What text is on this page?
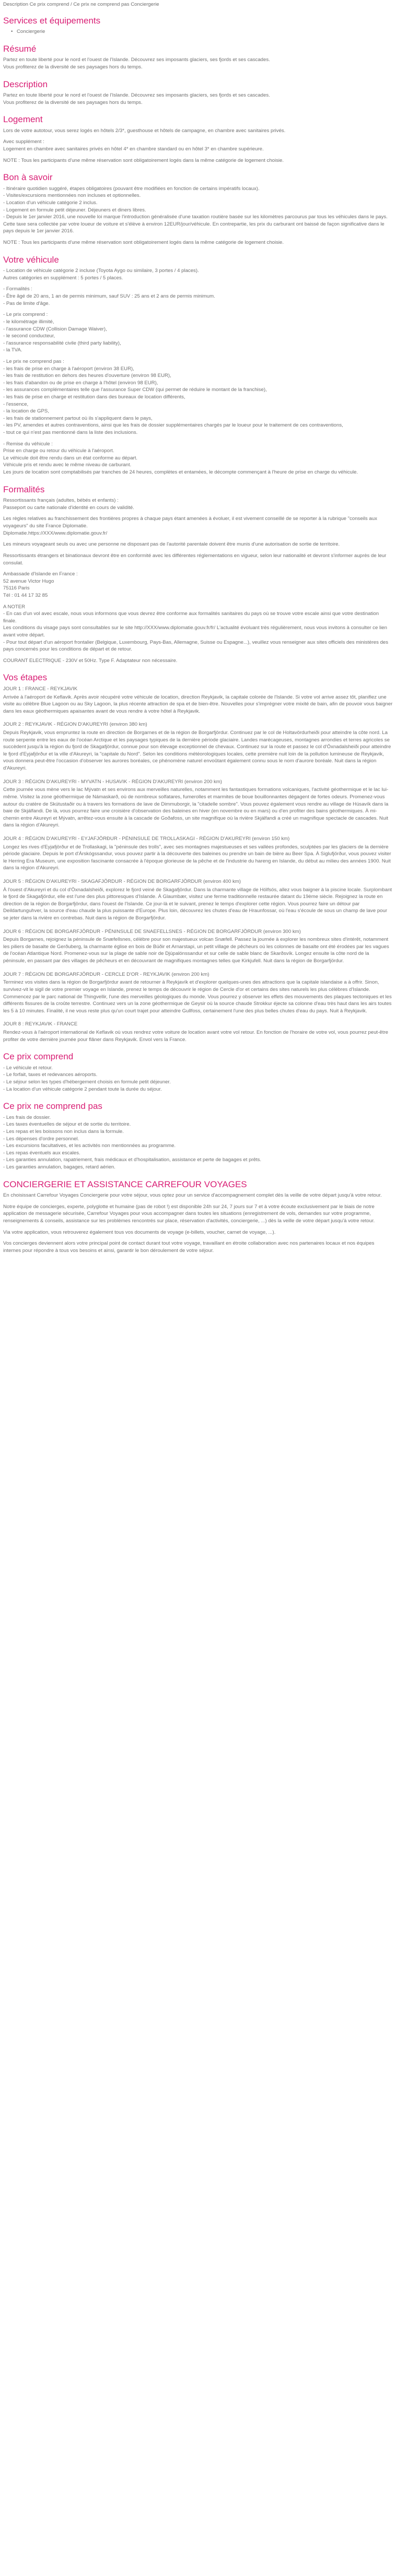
Description Ce prix comprend / Ce prix ne comprend pas Conciergerie
Services et équipements
• Conciergerie
Résumé

Partez en toute liberté pour le nord et l'ouest de l'Islande. Découvrez ses imposants glaciers, ses fjords et ses cascades.
Vous profiterez de la diversité de ses paysages hors du temps.

Description

Partez en toute liberté pour le nord et l'ouest de l'Islande. Découvrez ses imposants glaciers, ses fjords et ses cascades.
Vous profiterez de la diversité de ses paysages hors du temps.

Logement

Lors de votre autotour, vous serez logés en hôtels 2/3*, guesthouse et hôtels de campagne, en chambre avec sanitaires privés.

Avec supplément :
Logement en chambre avec sanitaires privés en hôtel 4* en chambre standard ou en hôtel 3* en chambre supérieure.

NOTE : Tous les participants d'une même réservation sont obligatoirement logés dans la même catégorie de logement choisie.

Bon à savoir

- Itinéraire quotidien suggéré, étapes obligatoires (pouvant être modifiées en fonction de certains impératifs locaux).
- Visites/excursions mentionnées non incluses et optionnelles.
- Location d'un véhicule catégorie 2 inclus.
- Logement en formule petit déjeuner. Déjeuners et diners libres.
- Depuis le 1er janvier 2016, une nouvelle loi marque l'introduction généralisée d'une taxation routière basée sur les kilomètres parcourus par tous les véhicules dans le pays. Cette taxe sera collectée par votre loueur de voiture et s'élève à environ 12EUR/jour/véhicule. En contrepartie, les prix du carburant ont baissé de façon significative dans le pays depuis le 1er janvier 2016.

NOTE : Tous les participants d'une même réservation sont obligatoirement logés dans la même catégorie de logement choisie.

Votre véhicule

- Location de véhicule catégorie 2 incluse (Toyota Aygo ou similaire, 3 portes / 4 places).
Autres catégories en supplément : 5 portes / 5 places.

- Formalités :
- Être âgé de 20 ans, 1 an de permis minimum, sauf SUV : 25 ans et 2 ans de permis minimum.
- Pas de limite d'âge.

- Le prix comprend :
- le kilométrage illimité,
- l'assurance CDW (Collision Damage Waiver),
- le second conducteur,
- l'assurance responsabilité civile (third party liability),
- la TVA.

- Le prix ne comprend pas :
- les frais de prise en charge à l'aéroport (environ 38 EUR),
- les frais de restitution en dehors des heures d'ouverture (environ 98 EUR),
- les frais d'abandon ou de prise en charge à l'hôtel (environ 98 EUR),
- les assurances complémentaires telle que l'assurance Super CDW (qui permet de réduire le montant de la franchise),
- les frais de prise en charge et restitution dans des bureaux de location différents,
- l'essence,
- la location de GPS,
- les frais de stationnement partout où ils s'appliquent dans le pays,
- les PV, amendes et autres contraventions, ainsi que les frais de dossier supplémentaires chargés par le loueur pour le traitement de ces contraventions,
- tout ce qui n'est pas mentionné dans la liste des inclusions.

- Remise du véhicule :
Prise en charge ou retour du véhicule à l'aéroport.
Le véhicule doit être rendu dans un état conforme au départ.
Véhicule pris et rendu avec le même niveau de carburant.
Les jours de location sont comptabilisés par tranches de 24 heures, complètes et entamées, le décompte commençant à l'heure de prise en charge du véhicule.

Formalités

Ressortissants français (adultes, bébés et enfants) :
Passeport ou carte nationale d'identité en cours de validité.

Les règles relatives au franchissement des frontières propres à chaque pays étant amenées à évoluer, il est vivement conseillé de se reporter à la rubrique "conseils aux voyageurs" du site France Diplomatie.
Diplomatie.https://XXX/www.diplomatie.gouv.fr/

Les mineurs voyageant seuls ou avec une personne ne disposant pas de l'autorité parentale doivent être munis d'une autorisation de sortie de territoire.

Ressortissants étrangers et binationaux devront être en conformité avec les différentes réglementations en vigueur, selon leur nationalité et devront s'informer auprès de leur consulat.

Ambassade d'Islande en France :
52 avenue Victor Hugo
75116 Paris
Tél : 01 44 17 32 85

A NOTER
- En cas d'un vol avec escale, nous vous informons que vous devrez être conforme aux formalités sanitaires du pays où se trouve votre escale ainsi que votre destination finale.
Les conditions du visage pays sont consultables sur le site http://XXX/www.diplomatie.gouv.fr/fr/ L'actualité évoluant très régulièrement, nous vous invitons à consulter ce lien avant votre départ.
- Pour tout départ d'un aéroport frontalier (Belgique, Luxembourg, Pays-Bas, Allemagne, Suisse ou Espagne...), veuillez vous renseigner aux sites officiels des ministères des pays concernés pour les conditions de départ et de retour.

COURANT ELECTRIQUE - 230V et 50Hz. Type F. Adaptateur non nécessaire.

Vos étapes

JOUR 1 : FRANCE - REYKJAVIK

Arrivée à l'aéroport de Keflavik. Après avoir récupéré votre véhicule de location, direction Reykjavik, la capitale colorée de l'Islande. Si votre vol arrive assez tôt, planifiez une visite au célèbre Blue Lagoon ou au Sky Lagoon, la plus récente attraction de spa et de bien-être. Nouvelles pour s'imprégner votre mixité de bain, afin de pouvoir vous baigner dans les eaux géothermiques apaisantes avant de vous rendre à votre hôtel à Reykjavik.

JOUR 2 : REYKJAVIK - RÉGION D'AKUREYRI (environ 380 km)

Depuis Reykjavik, vous empruntez la route en direction de Borgarnes et de la région de Borgarfjördur. Continuez par le col de Holtavördurheiði pour atteindre la côte nord. La route serpente entre les eaux de l'océan Arctique et les paysages typiques de la dernière période glaciaire. Landes marécageuses, montagnes arrondies et terres agricoles se succèdent jusqu'à la région du fjord de Skagafjördur, connue pour son élevage exceptionnel de chevaux. Continuez sur la route et passez le col d'Öxnadalsheiði pour atteindre le fjord d'Eyjafjörður et la ville d'Akureyri, la "capitale du Nord". Selon les conditions météorologiques locales, cette première nuit loin de la pollution lumineuse de Reykjavik, vous donnera peut-être l'occasion d'observer les aurores boréales, ce phénomène naturel envoûtant également connu sous le nom d'aurore boréale. Nuit dans la région d'Akureyri.

JOUR 3 : RÉGION D'AKUREYRI - MYVATN - HUSAVIK - RÉGION D'AKUREYRI (environ 200 km)

Cette journée vous mène vers le lac Mývatn et ses environs aux merveilles naturelles, notamment les fantastiques formations volcaniques, l'activité géothermique et le lac lui-même. Visitez la zone géothermique de Námaskarð, où de nombreux solfatares, fumerolles et marmites de boue bouillonnantes dégagent de fortes odeurs. Promenez-vous autour du cratère de Skútustaðir ou à travers les formations de lave de Dimmuborgir, la "citadelle sombre". Vous pouvez également vous rendre au village de Húsavík dans la baie de Skjálfandi. De là, vous pourrez faire une croisière d'observation des baleines en hiver (en novembre ou en mars) ou d'en profiter des bains géothermiques. À mi-chemin entre Akureyri et Mývatn, arrêtez-vous ensuite à la cascade de Goðafoss, un site magnifique où la rivière Skjálfandi a créé un magnifique spectacle de cascades. Nuit dans la région d'Akureyri.

JOUR 4 : RÉGION D'AKUREYRI - EYJAFJÖRÐUR - PÉNINSULE DE TROLLASKAGI - RÉGION D'AKUREYRI (environ 150 km)

Longez les rives d'Eyjafjörður et de Trollaskagi, la "péninsule des trolls", avec ses montagnes majestueuses et ses vallées profondes, sculptées par les glaciers de la dernière période glaciaire. Depuis le port d'Árskógssandur, vous pouvez partir à la découverte des baleines ou prendre un bain de bière au Beer Spa. À Siglufjörður, vous pouvez visiter le Herring Era Museum, une exposition fascinante consacrée à l'époque glorieuse de la pêche et de l'industrie du hareng en Islande, du début au milieu des années 1900. Nuit dans la région d'Akureyri.

JOUR 5 : RÉGION D'AKUREYRI - SKAGAFJÖRDUR - RÉGION DE BORGARFJÖRDUR (environ 400 km)

À l'ouest d'Akureyri et du col d'Öxnadalsheiði, explorez le fjord veiné de Skagafjördur. Dans la charmante village de Hólfsós, allez vous baigner à la piscine locale. Surplombant le fjord de Skagafjördur, elle est l'une des plus pittoresques d'Islande. À Glaumbær, visitez une ferme traditionnelle restaurée datant du 19ème siècle. Rejoignez la route en direction de la région de Borgarfjördur, dans l'ouest de l'Islande. Ce jour-là et le suivant, prenez le temps d'explorer cette région. Vous pourrez faire un détour par Deildartunguhver, la source d'eau chaude la plus puissante d'Europe. Plus loin, découvrez les chutes d'eau de Hraunfossar, où l'eau s'écoule de sous un champ de lave pour se jeter dans la rivière en contrebas. Nuit dans la région de Borgarfjördur.

JOUR 6 : RÉGION DE BORGARFJÖRDUR - PÉNINSULE DE SNAEFELLSNES - RÉGION DE BORGARFJÖRDUR (environ 300 km)

Depuis Borgarnes, rejoignez la péninsule de Snæfellsnes, célèbre pour son majestueux volcan Snæfell. Passez la journée à explorer les nombreux sites d'intérêt, notamment les piliers de basalte de Gerðuberg, la charmante église en bois de Búðir et Arnarstapi, un petit village de pêcheurs où les colonnes de basalte ont été érodées par les vagues de l'océan Atlantique Nord. Promenez-vous sur la plage de sable noir de Djúpalónssandur et sur celle de sable blanc de Skarðsvík. Longez ensuite la côte nord de la péninsule, en passant par des villages de pêcheurs et en découvrant de magnifiques montagnes telles que Kirkjufell. Nuit dans la région de Borgarfjördur.

JOUR 7 : RÉGION DE BORGARFJÖRDUR - CERCLE D'OR - REYKJAVIK (environ 200 km)

Terminez vos visites dans la région de Borgarfjördur avant de retourner à Reykjavík et d'explorer quelques-unes des attractions que la capitale islandaise a à offrir. Sinon, survivez-vit le sigil de votre premier voyage en Islande, prenez le temps de découvrir le région de Cercle d'or et certains des sites naturels les plus célèbres d'Islande. Commencez par le parc national de Thingvellir, l'une des merveilles géologiques du monde. Vous pourrez y observer les effets des mouvements des plaques tectoniques et les différents fissures de la croûte terrestre. Continuez vers un la zone géothermique de Geysir où la source chaude Strokkur éjecte sa colonne d'eau très haut dans les airs toutes les 5 à 10 minutes. Finalité, il ne vous reste plus qu'un court trajet pour atteindre Gullfoss, certainement l'une des plus belles chutes d'eau du pays. Nuit à Reykjavik.

JOUR 8 : REYKJAVIK - FRANCE

Rendez-vous à l'aéroport international de Keflavik où vous rendrez votre voiture de location avant votre vol retour. En fonction de l'horaire de votre vol, vous pourrez peut-être profiter de votre dernière journée pour flâner dans Reykjavik. Envol vers la France.

Ce prix comprend

- Le véhicule et retour.
- Le forfait, taxes et redevances aéroports.
- Le séjour selon les types d'hébergement choisis en formule petit déjeuner.
- La location d'un véhicule catégorie 2 pendant toute la durée du séjour.

Ce prix ne comprend pas

- Les frais de dossier.
- Les taxes éventuelles de séjour et de sortie du territoire.
- Les repas et les boissons non inclus dans la formule.
- Les dépenses d'ordre personnel.
- Les excursions facultatives, et les activités non mentionnées au programme.
- Les repas éventuels aux escales.
- Les garanties annulation, rapatriement, frais médicaux et d'hospitalisation, assistance et perte de bagages et prêts.
- Les garanties annulation, bagages, retard aérien.

CONCIERGERIE ET ASSISTANCE CARREFOUR VOYAGES

En choisissant Carrefour Voyages Conciergerie pour votre séjour, vous optez pour un service d'accompagnement complet dès la veille de votre départ jusqu'à votre retour.

Notre équipe de concierges, experte, polyglotte et humaine (pas de robot !) est disponible 24h sur 24, 7 jours sur 7 et à votre écoute exclusivement par le biais de notre application de messagerie sécurisée, Carrefour Voyages pour vous accompagner dans toutes les situations (enregistrement de vols, demandes sur votre programme, renseignements & conseils, assistance sur les problèmes rencontrés sur place, réservation d'activités, conciergerie, ...) dès la veille de votre départ jusqu'à votre retour.

Via votre application, vous retrouverez également tous vos documents de voyage (e-billets, voucher, carnet de voyage, ...).

Vos concierges deviennent alors votre principal point de contact durant tout votre voyage, travaillant en étroite collaboration avec nos partenaires locaux et nos équipes internes pour répondre à tous vos besoins et ainsi, garantir le bon déroulement de votre séjour.
